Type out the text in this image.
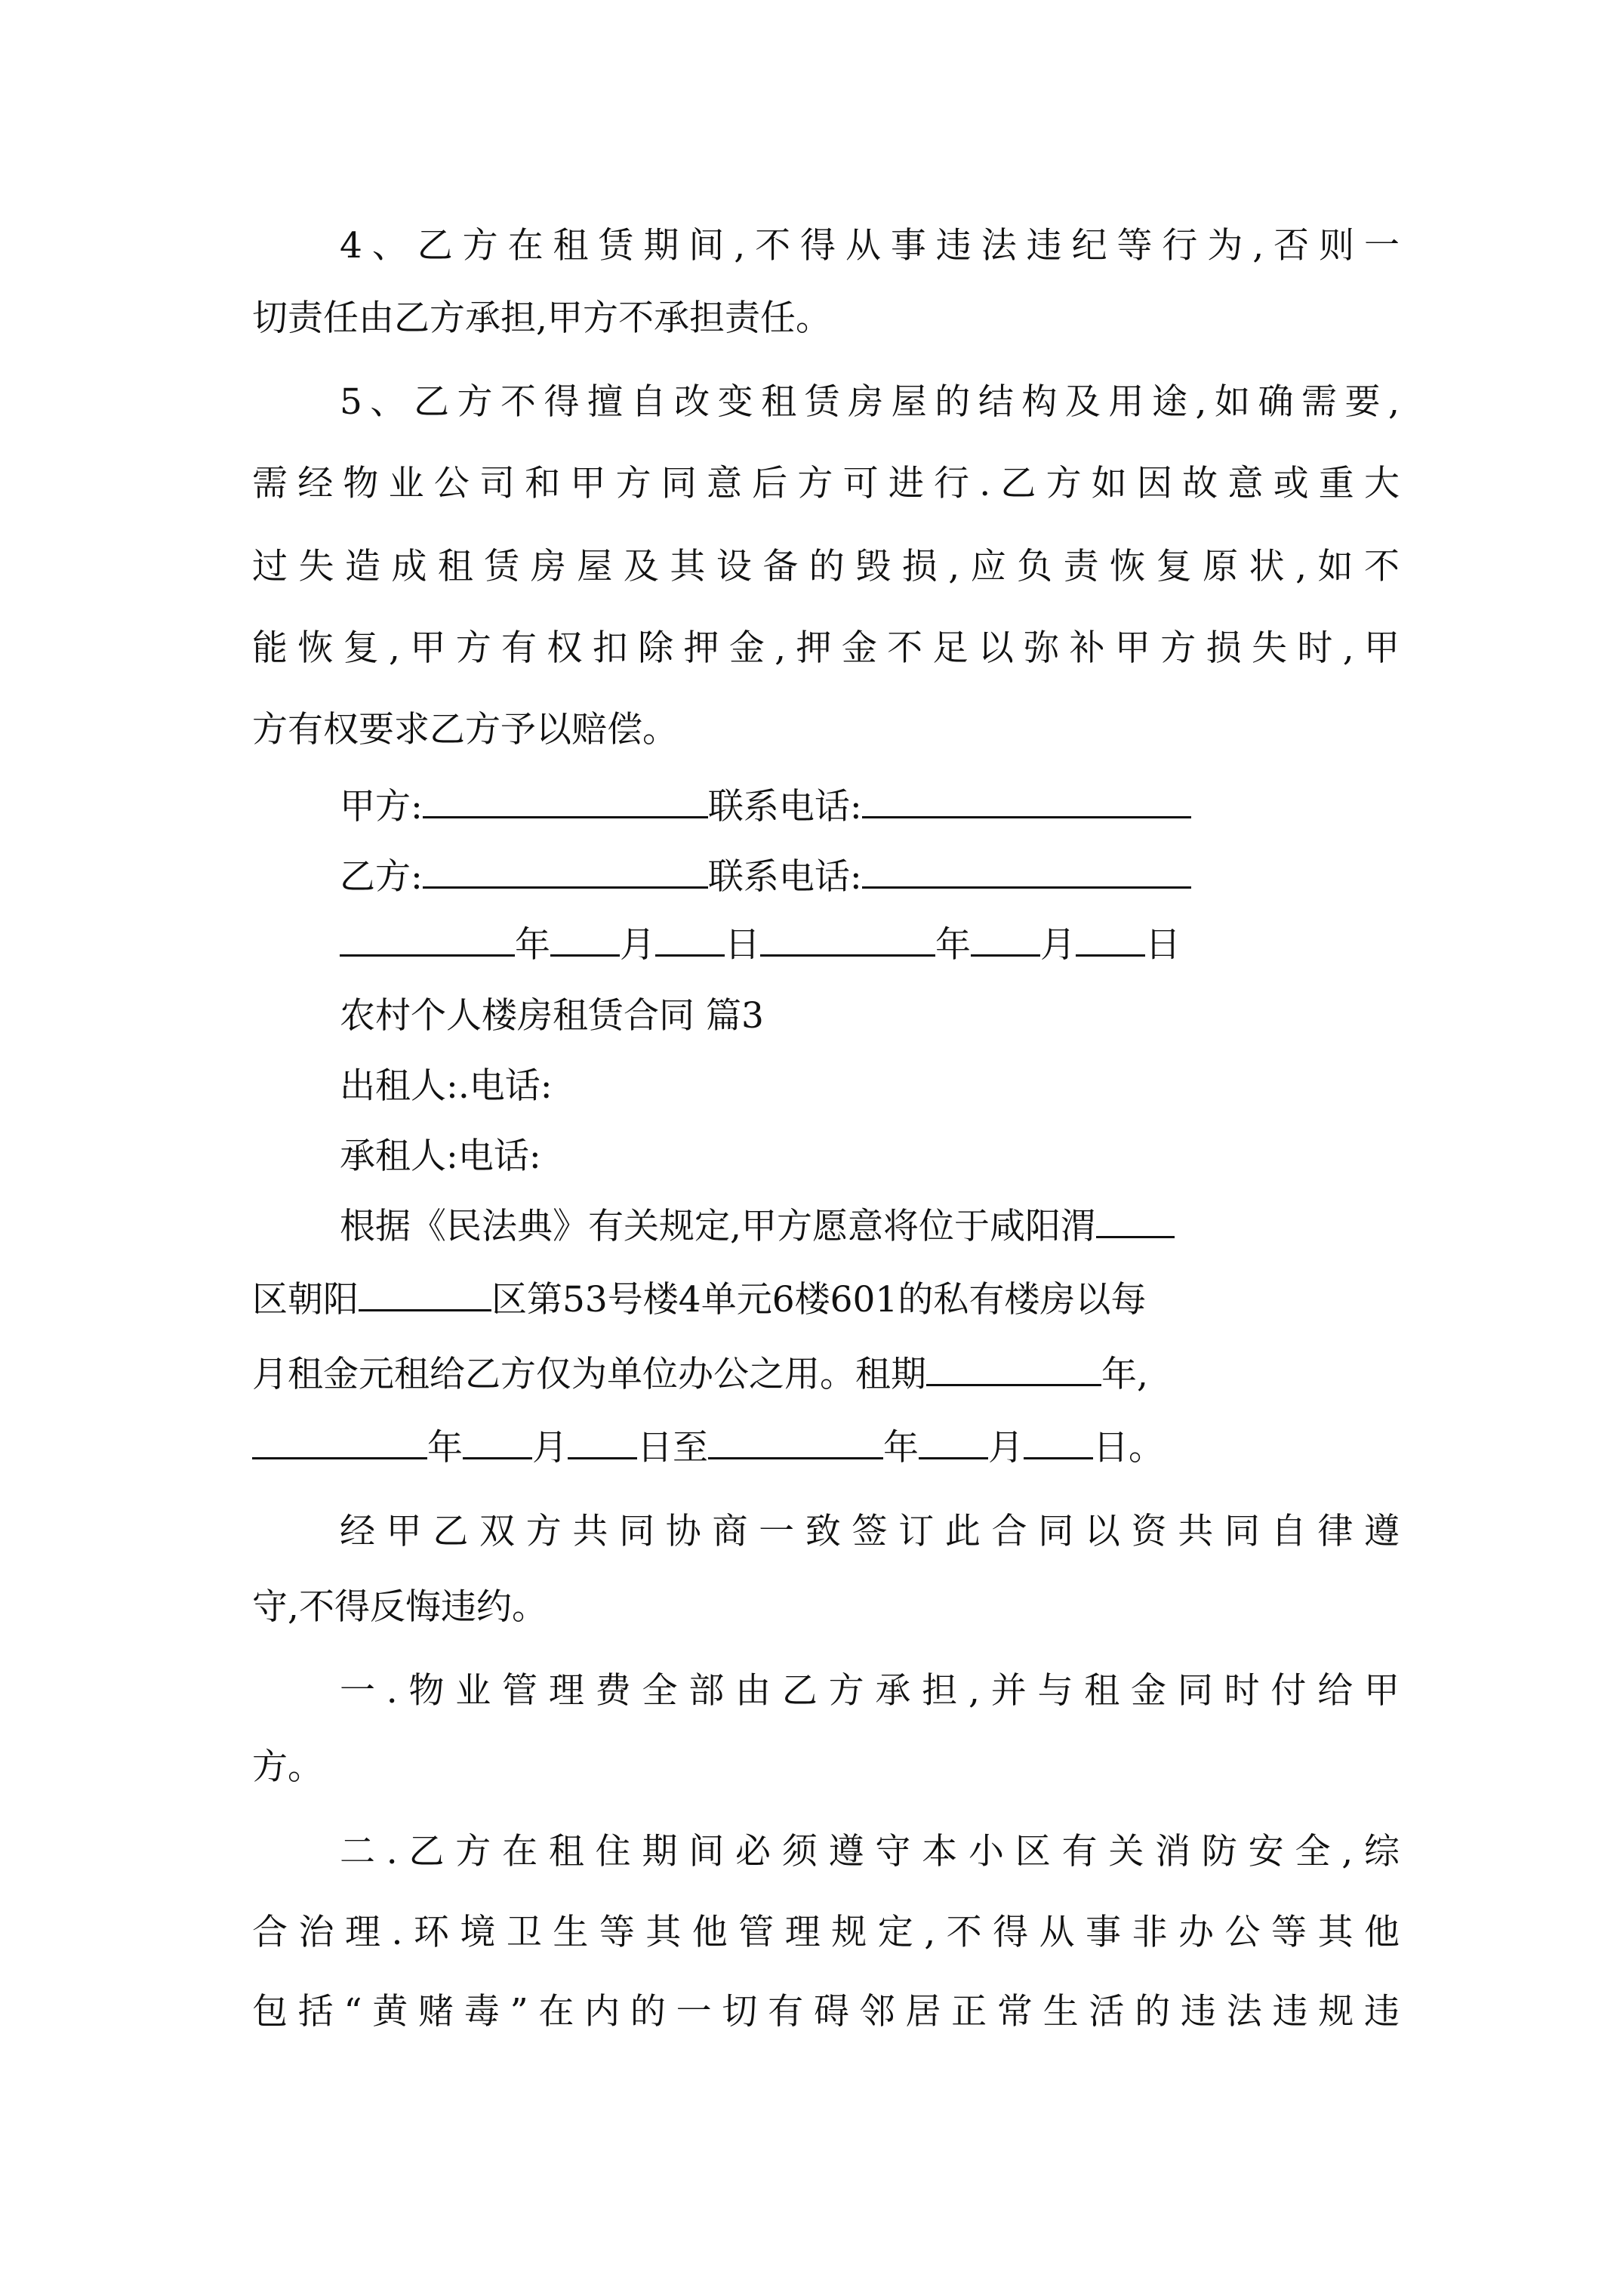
4、乙方在租赁期间,不得从事违法违纪等行为,否则一
切责任由乙方承担,甲方不承担责任。
5、乙方不得擅自改变租赁房屋的结构及用途,如确需要,
需经物业公司和甲方同意后方可进行.乙方如因故意或重大
过失造成租赁房屋及其设备的毁损,应负责恢复原状,如不
能恢复,甲方有权扣除押金,押金不足以弥补甲方损失时,甲
方有权要求乙方予以赔偿。
甲方:	联系电话:
乙方:	联系电话:
年 月 日	年 月 日
农村个人楼房租赁合同 篇3
出租人:.电话:
承租人:电话:
根据《民法典》有关规定,甲方愿意将位于咸阳渭
区朝阳	区第53号楼4单元6楼601的私有楼房以每
月租金元租给乙方仅为单位办公之用。租期	年,
年 月 日至	年 月 日。
经甲乙双方共同协商一致签订此合同以资共同自律遵
守,不得反悔违约。
一.物业管理费全部由乙方承担,并与租金同时付给甲
方。
二.乙方在租住期间必须遵守本小区有关消防安全,综
合治理.环境卫生等其他管理规定,不得从事非办公等其他
包括“黄赌毒”在内的一切有碍邻居正常生活的违法违规违
